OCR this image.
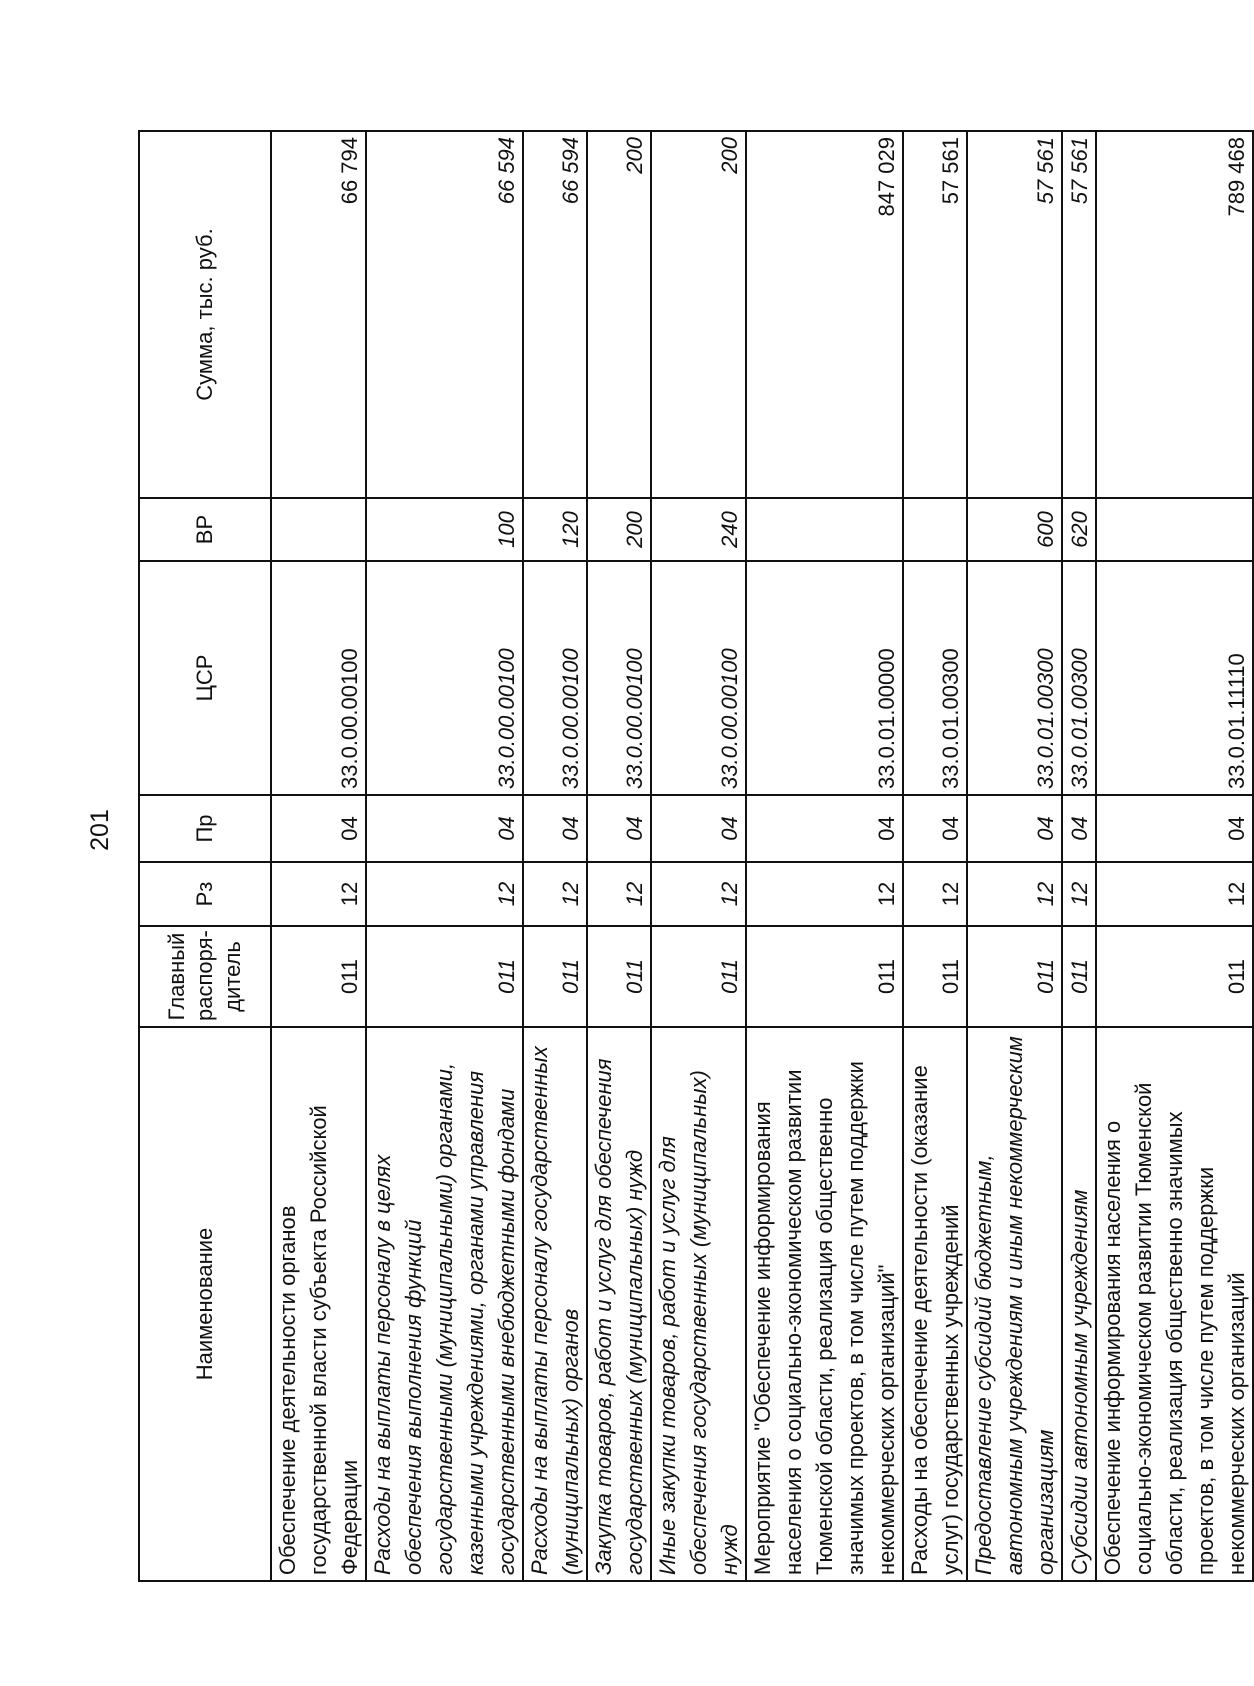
201
Наименование	Главный распоря-дитель	Рз	Пр	ЦСР	ВР	Сумма, тыс. руб.
Обеспечение деятельности органов государственной власти субъекта Российской Федерации	011	12	04	33.0.00.00100		66 794
Расходы на выплаты персоналу в целях обеспечения выполнения функций государственными (муниципальными) органами, казенными учреждениями, органами управления государственными внебюджетными фондами	011	12	04	33.0.00.00100	100	66 594
Расходы на выплаты персоналу государственных (муниципальных) органов	011	12	04	33.0.00.00100	120	66 594
Закупка товаров, работ и услуг для обеспечения государственных (муниципальных) нужд	011	12	04	33.0.00.00100	200	200
Иные закупки товаров, работ и услуг для обеспечения государственных (муниципальных) нужд	011	12	04	33.0.00.00100	240	200
Мероприятие "Обеспечение информирования населения о социально-экономическом развитии Тюменской области, реализация общественно значимых проектов, в том числе путем поддержки некоммерческих организаций"	011	12	04	33.0.01.00000		847 029
Расходы на обеспечение деятельности (оказание услуг) государственных учреждений	011	12	04	33.0.01.00300		57 561
Предоставление субсидий бюджетным, автономным учреждениям и иным некоммерческим организациям	011	12	04	33.0.01.00300	600	57 561
Субсидии автономным учреждениям	011	12	04	33.0.01.00300	620	57 561
Обеспечение информирования населения о социально-экономическом развитии Тюменской области, реализация общественно значимых проектов, в том числе путем поддержки некоммерческих организаций	011	12	04	33.0.01.11110		789 468
